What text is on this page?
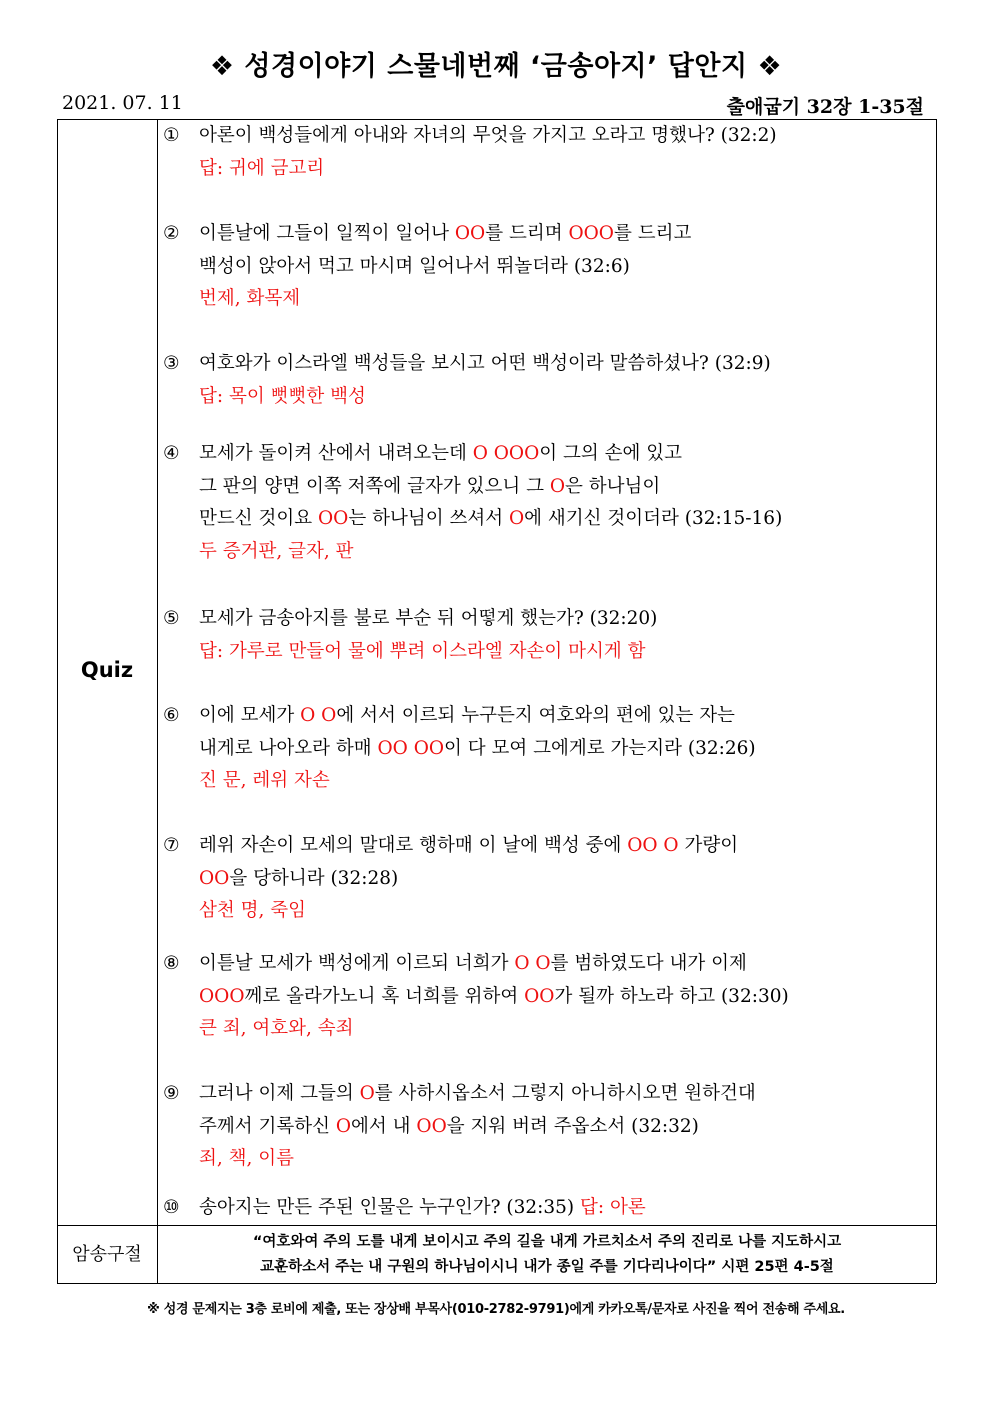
❖ 성경이야기 스물네번째 ‘금송아지’ 답안지 ❖
2021. 07. 11	출애굽기 32장 1-35절
Quiz
① 아론이 백성들에게 아내와 자녀의 무엇을 가지고 오라고 명했나? (32:2)
답: 귀에 금고리
② 이튿날에 그들이 일찍이 일어나 OO를 드리며 OOO를 드리고
백성이 앉아서 먹고 마시며 일어나서 뛰놀더라 (32:6)
번제, 화목제
③ 여호와가 이스라엘 백성들을 보시고 어떤 백성이라 말씀하셨나? (32:9)
답: 목이 뻣뻣한 백성
④ 모세가 돌이켜 산에서 내려오는데 O OOO이 그의 손에 있고
그 판의 양면 이쪽 저쪽에 글자가 있으니 그 O은 하나님이
만드신 것이요 OO는 하나님이 쓰셔서 O에 새기신 것이더라 (32:15-16)
두 증거판, 글자, 판
⑤ 모세가 금송아지를 불로 부순 뒤 어떻게 했는가? (32:20)
답: 가루로 만들어 물에 뿌려 이스라엘 자손이 마시게 함
⑥ 이에 모세가 O O에 서서 이르되 누구든지 여호와의 편에 있는 자는
내게로 나아오라 하매 OO OO이 다 모여 그에게로 가는지라 (32:26)
진 문, 레위 자손
⑦ 레위 자손이 모세의 말대로 행하매 이 날에 백성 중에 OO O 가량이
OO을 당하니라 (32:28)
삼천 명, 죽임
⑧ 이튿날 모세가 백성에게 이르되 너희가 O O를 범하였도다 내가 이제
OOO께로 올라가노니 혹 너희를 위하여 OO가 될까 하노라 하고 (32:30)
큰 죄, 여호와, 속죄
⑨ 그러나 이제 그들의 O를 사하시옵소서 그렇지 아니하시오면 원하건대
주께서 기록하신 O에서 내 OO을 지워 버려 주옵소서 (32:32)
죄, 책, 이름
⑩ 송아지는 만든 주된 인물은 누구인가? (32:35) 답: 아론
암송구절
“여호와여 주의 도를 내게 보이시고 주의 길을 내게 가르치소서 주의 진리로 나를 지도하시고
교훈하소서 주는 내 구원의 하나님이시니 내가 종일 주를 기다리나이다” 시편 25편 4-5절
※ 성경 문제지는 3층 로비에 제출, 또는 장상배 부목사(010-2782-9791)에게 카카오톡/문자로 사진을 찍어 전송해 주세요.
